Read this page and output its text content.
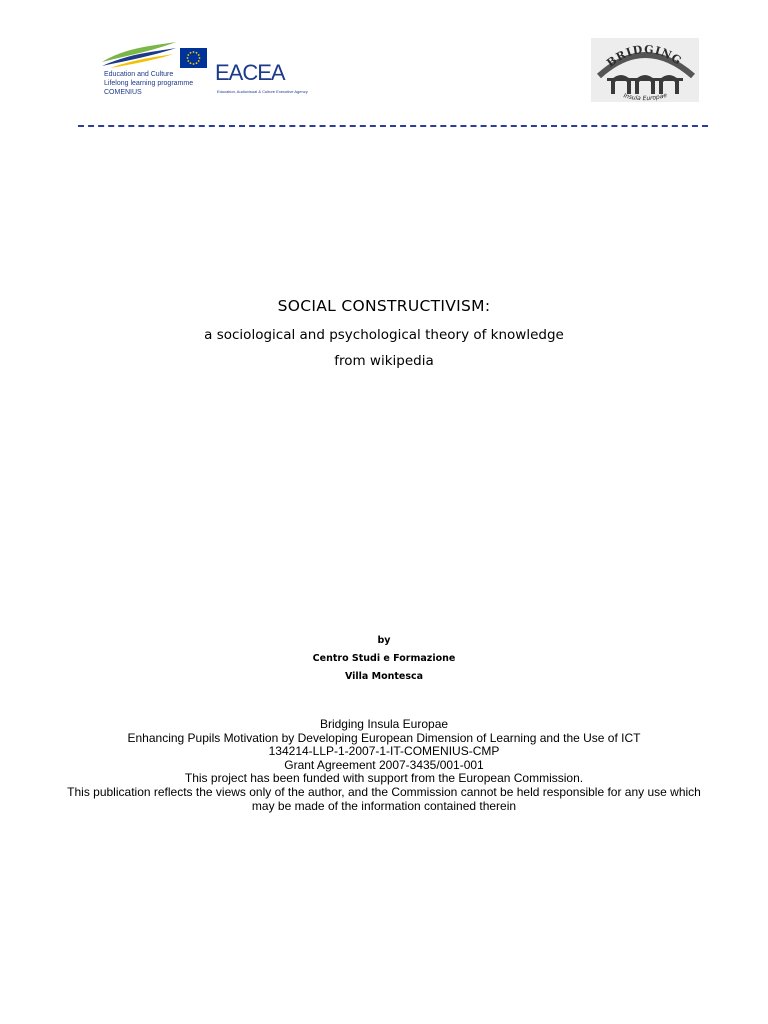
Education and Culture
Lifelong learning programme
COMENIUS
EACEA
Education, Audiovisual & Culture Executive Agency
BRIDGING
Insula Europae
SOCIAL CONSTRUCTIVISM:
a sociological and psychological theory of knowledge
from wikipedia
by
Centro Studi e Formazione
Villa Montesca
Bridging Insula Europae
Enhancing Pupils Motivation by Developing European Dimension of Learning and the Use of ICT
134214-LLP-1-2007-1-IT-COMENIUS-CMP
Grant Agreement 2007-3435/001-001
This project has been funded with support from the European Commission.
This publication reflects the views only of the author, and the Commission cannot be held responsible for any use which may be made of the information contained therein
